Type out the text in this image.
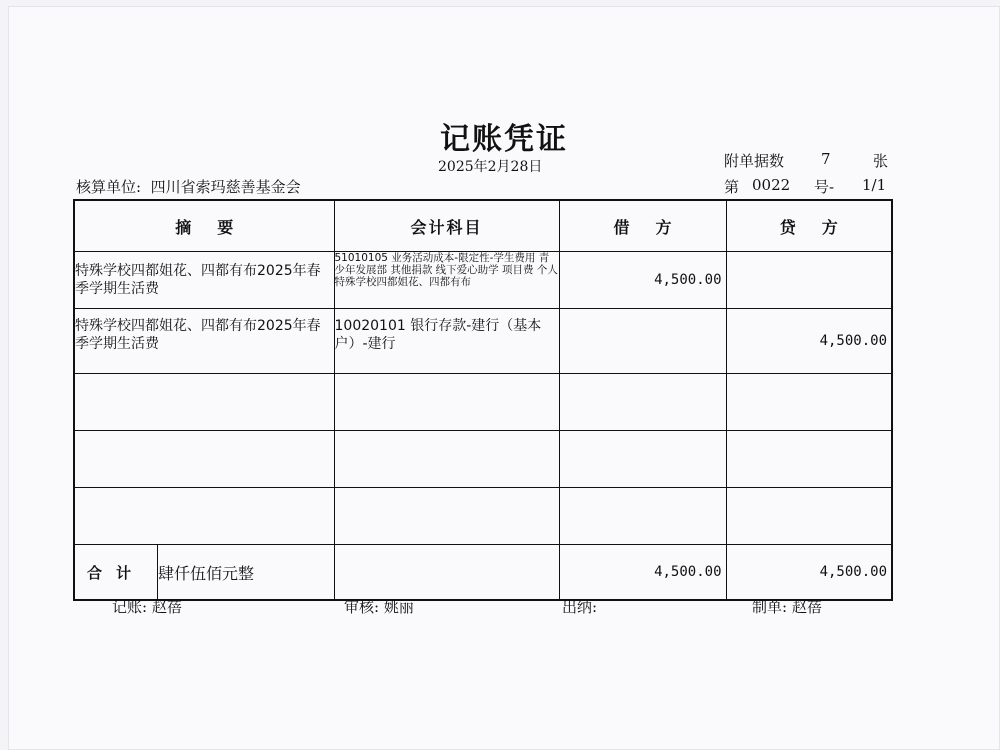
记账凭证
2025年2月28日	附单据数 7	张
核算单位: 四川省索玛慈善基金会	第 0022 号- 1/1
摘要	会计科目	借方	贷方
特殊学校四都姐花、四都有布2025年春季学期生活费	51010105 业务活动成本-限定性-学生费用 青少年发展部 其他捐款 线下爱心助学 项目费 个人 特殊学校四都姐花、四都有布	4,500.00	
特殊学校四都姐花、四都有布2025年春季学期生活费	10020101 银行存款-建行（基本户）-建行		4,500.00

合计 肆仟伍佰元整		4,500.00	4,500.00
记账: 赵蓓	审核: 姚丽	出纳:	制单: 赵蓓
